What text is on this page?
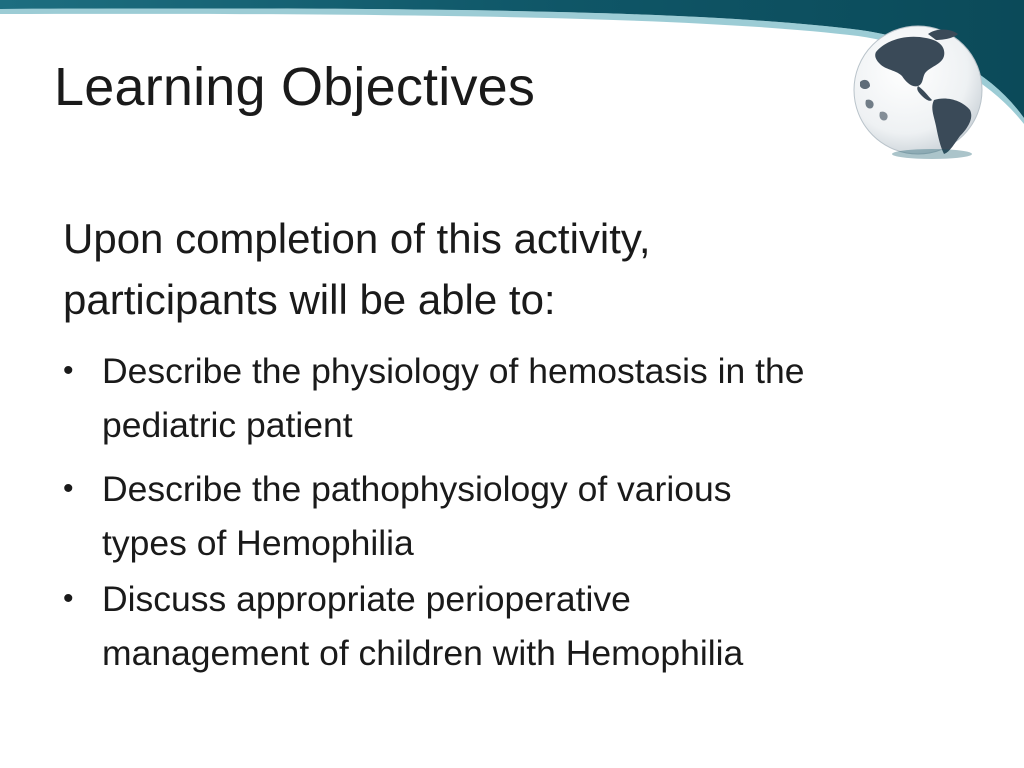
Learning Objectives

Upon completion of this activity,
participants will be able to:

• Describe the physiology of hemostasis in the
pediatric patient
• Describe the pathophysiology of various
types of Hemophilia
• Discuss appropriate perioperative
management of children with Hemophilia
